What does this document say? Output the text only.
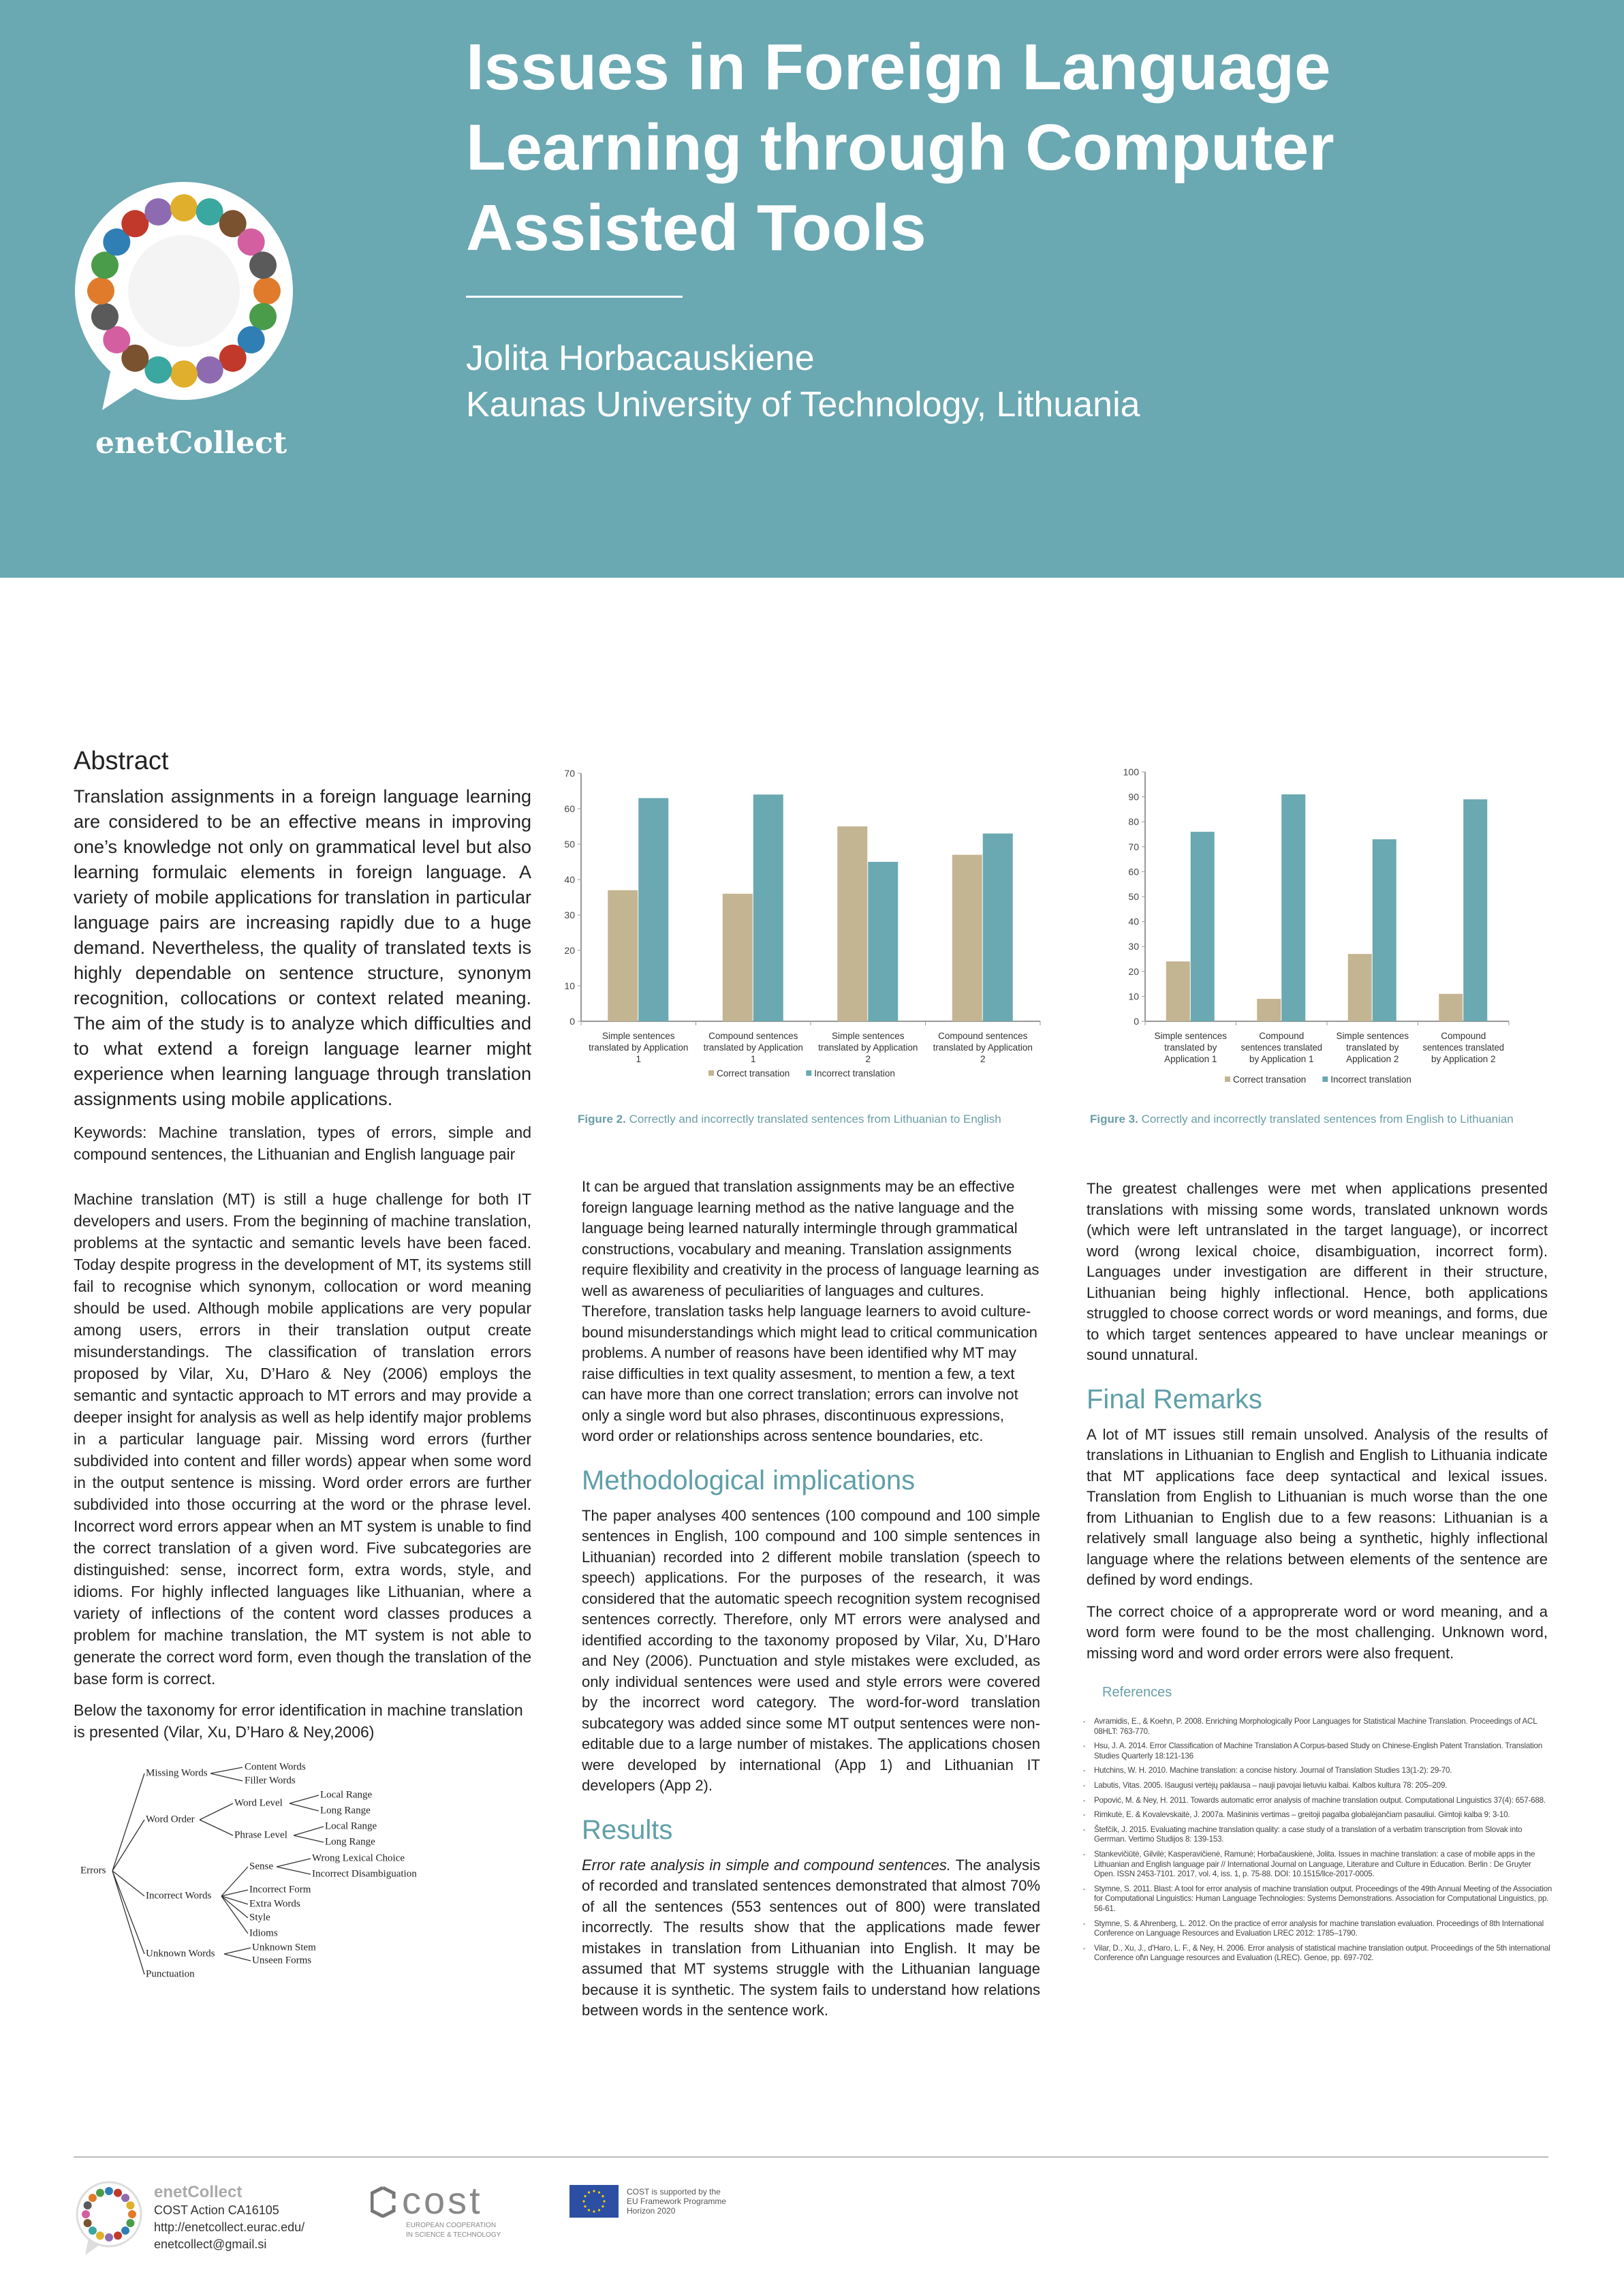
enetCollect
Issues in Foreign Language
Learning through Computer
Assisted Tools
Jolita Horbacauskiene
Kaunas University of Technology, Lithuania
Abstract
Translation assignments in a foreign language learning are considered to be an effective means in improving one’s knowledge not only on grammatical level but also learning formulaic elements in foreign language. A variety of mobile applications for translation in particular language pairs are increasing rapidly due to a huge demand. Nevertheless, the quality of translated texts is highly dependable on sentence structure, synonym recognition, collocations or context related meaning. The aim of the study is to analyze which difficulties and to what extend a foreign language learner might experience when learning language through translation assignments using mobile applications.
Keywords: Machine translation, types of errors, simple and compound sentences, the Lithuanian and English language pair
Machine translation (MT) is still a huge challenge for both IT developers and users. From the beginning of machine translation, problems at the syntactic and semantic levels have been faced. Today despite progress in the development of MT, its systems still fail to recognise which synonym, collocation or word meaning should be used. Although mobile applications are very popular among users, errors in their translation output create misunderstandings. The classification of translation errors proposed by Vilar, Xu, D’Haro & Ney (2006) employs the semantic and syntactic approach to MT errors and may provide a deeper insight for analysis as well as help identify major problems in a particular language pair. Missing word errors (further subdivided into content and filler words) appear when some word in the output sentence is missing. Word order errors are further subdivided into those occurring at the word or the phrase level. Incorrect word errors appear when an MT system is unable to find the correct translation of a given word. Five subcategories are distinguished: sense, incorrect form, extra words, style, and idioms. For highly inflected languages like Lithuanian, where a variety of inflections of the content word classes produces a problem for machine translation, the MT system is not able to generate the correct word form, even though the translation of the base form is correct.
Below the taxonomy for error identification in machine translation is presented (Vilar, Xu, D’Haro & Ney,2006)
Errors
Missing Words
Content Words
Filler Words
Word Order
Word Level
Local Range
Long Range
Phrase Level
Local Range
Long Range
Incorrect Words
Sense
Wrong Lexical Choice
Incorrect Disambiguation
Incorrect Form
Extra Words
Style
Idioms
Unknown Words
Unknown Stem
Unseen Forms
Punctuation
0
10
20
30
40
50
60
70
Simple sentences
translated by Application
1
Compound sentences
translated by Application
1
Simple sentences
translated by Application
2
Compound sentences
translated by Application
2
Correct transation	Incorrect translation
0
10
20
30
40
50
60
70
80
90
100
Simple sentences
translated by
Application 1
Compound
sentences translated
by Application 1
Simple sentences
translated by
Application 2
Compound
sentences translated
by Application 2
Correct transation	Incorrect translation
Figure 2. Correctly and incorrectly translated sentences from Lithuanian to English	Figure 3. Correctly and incorrectly translated sentences from English to Lithuanian
It can be argued that translation assignments may be an effective foreign language learning method as the native language and the language being learned naturally intermingle through grammatical constructions, vocabulary and meaning. Translation assignments require flexibility and creativity in the process of language learning as well as awareness of peculiarities of languages and cultures. Therefore, translation tasks help language learners to avoid culture-bound misunderstandings which might lead to critical communication problems. A number of reasons have been identified why MT may raise difficulties in text quality assesment, to mention a few, a text can have more than one correct translation; errors can involve not only a single word but also phrases, discontinuous expressions, word order or relationships across sentence boundaries, etc.
Methodological implications
The paper analyses 400 sentences (100 compound and 100 simple sentences in English, 100 compound and 100 simple sentences in Lithuanian) recorded into 2 different mobile translation (speech to speech) applications. For the purposes of the research, it was considered that the automatic speech recognition system recognised sentences correctly. Therefore, only MT errors were analysed and identified according to the taxonomy proposed by Vilar, Xu, D’Haro and Ney (2006). Punctuation and style mistakes were excluded, as only individual sentences were used and style errors were covered by the incorrect word category. The word-for-word translation subcategory was added since some MT output sentences were non-editable due to a large number of mistakes. The applications chosen were developed by international (App 1) and Lithuanian IT developers (App 2).
Results
Error rate analysis in simple and compound sentences. The analysis of recorded and translated sentences demonstrated that almost 70% of all the sentences (553 sentences out of 800) were translated incorrectly. The results show that the applications made fewer mistakes in translation from Lithuanian into English. It may be assumed that MT systems struggle with the Lithuanian language because it is synthetic. The system fails to understand how relations between words in the sentence work.
The greatest challenges were met when applications presented translations with missing some words, translated unknown words (which were left untranslated in the target language), or incorrect word (wrong lexical choice, disambiguation, incorrect form). Languages under investigation are different in their structure, Lithuanian being highly inflectional. Hence, both applications struggled to choose correct words or word meanings, and forms, due to which target sentences appeared to have unclear meanings or sound unnatural.
Final Remarks
A lot of MT issues still remain unsolved. Analysis of the results of translations in Lithuanian to English and English to Lithuania indicate that MT applications face deep syntactical and lexical issues. Translation from English to Lithuanian is much worse than the one from Lithuanian to English due to a few reasons: Lithuanian is a relatively small language also being a synthetic, highly inflectional language where the relations between elements of the sentence are defined by word endings.
The correct choice of a approprerate word or word meaning, and a word form were found to be the most challenging. Unknown word, missing word and word order errors were also frequent.
References
▪ Avramidis, E., & Koehn, P. 2008. Enriching Morphologically Poor Languages for Statistical Machine Translation. Proceedings of ACL 08HLT: 763-770.
▪ Hsu, J. A. 2014. Error Classification of Machine Translation A Corpus-based Study on Chinese-English Patent Translation. Translation Studies Quarterly 18:121-136
▪ Hutchins, W. H. 2010. Machine translation: a concise history. Journal of Translation Studies 13(1-2): 29-70.
▪ Labutis, Vitas. 2005. Išaugusi vertėjų paklausa – nauji pavojai lietuviu kalbai. Kalbos kultura 78: 205–209.
▪ Popović, M. & Ney, H. 2011. Towards automatic error analysis of machine translation output. Computational Linguistics 37(4): 657-688.
▪ Rimkutė, E. & Kovalevskaitė, J. 2007a. Mašininis vertimas – greitoji pagalba globalėjančiam pasauliui. Gimtoji kalba 9: 3-10.
▪ Štefčík, J. 2015. Evaluating machine translation quality: a case study of a translation of a verbatim transcription from Slovak into Gerrman. Vertimo Studijos 8: 139-153.
▪ Stankevičiūtė, Gilvilė; Kasperavičienė, Ramunė; Horbačauskienė, Jolita. Issues in machine translation: a case of mobile apps in the Lithuanian and English language pair // International Journal on Language, Literature and Culture in Education. Berlin : De Gruyter Open. ISSN 2453-7101. 2017, vol. 4, iss. 1, p. 75-88. DOI: 10.1515/llce-2017-0005.
▪ Stymne, S. 2011. Blast: A tool for error analysis of machine translation output. Proceedings of the 49th Annual Meeting of the Association for Computational Linguistics: Human Language Technologies: Systems Demonstrations. Association for Computational Linguistics, pp. 56-61.
▪ Stymne, S. & Ahrenberg, L. 2012. On the practice of error analysis for machine translation evaluation. Proceedings of 8th International Conference on Language Resources and Evaluation LREC 2012: 1785–1790.
▪ Vilar, D., Xu, J., d'Haro, L. F., & Ney, H. 2006. Error analysis of statistical machine translation output. Proceedings of the 5th international Conference of\n Language resources and Evaluation (LREC). Genoe, pp. 697-702.
enetCollect
COST Action CA16105
http://enetcollect.eurac.edu/
enetcollect@gmail.si
cost
EUROPEAN COOPERATION
IN SCIENCE & TECHNOLOGY
COST is supported by the
EU Framework Programme
Horizon 2020
